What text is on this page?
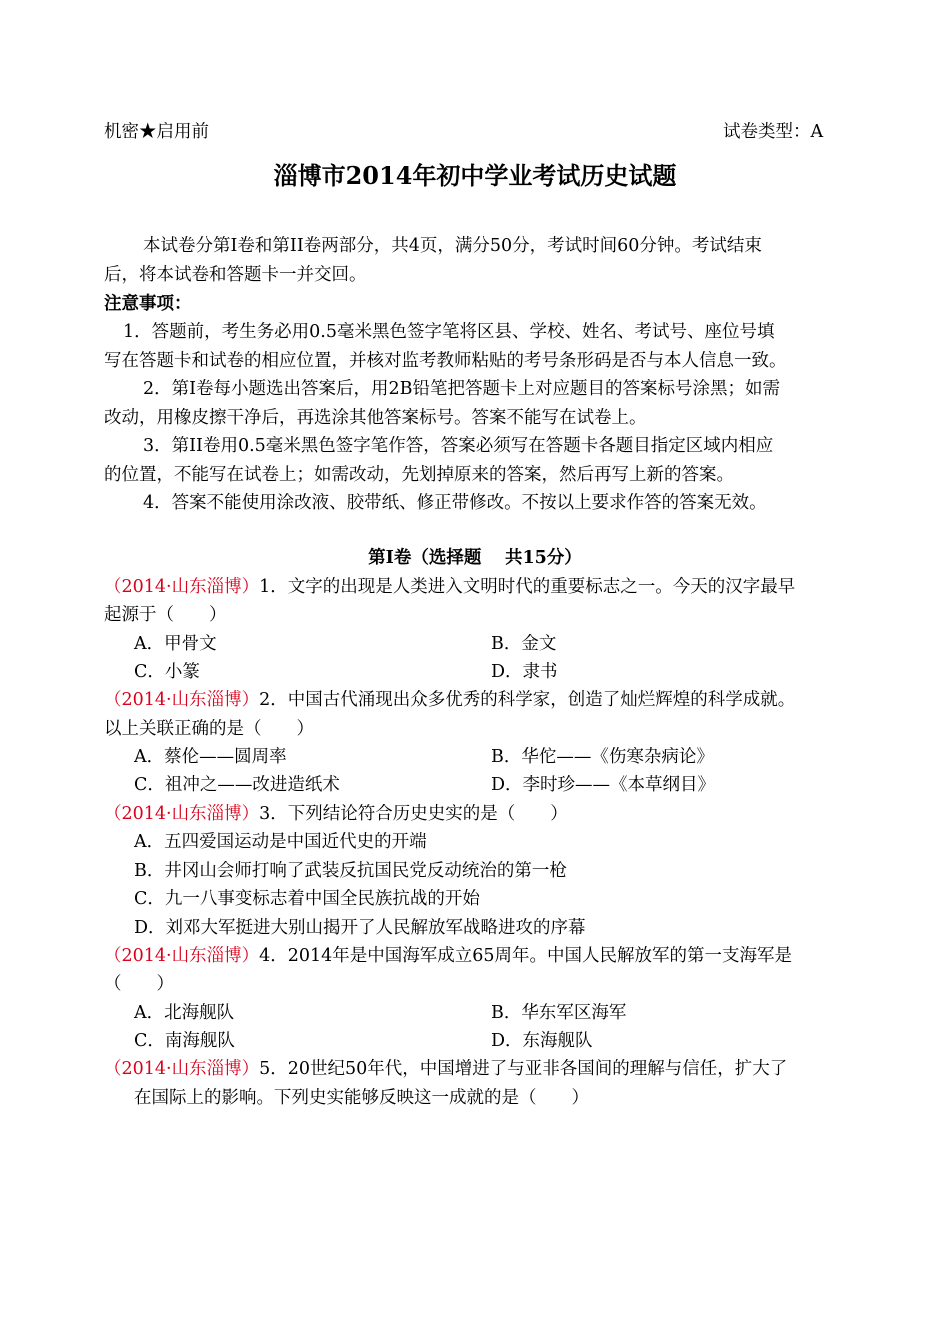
机密★启用前	试卷类型：A
淄博市2014年初中学业考试历史试题
本试卷分第I卷和第II卷两部分，共4页，满分50分，考试时间60分钟。考试结束
后，将本试卷和答题卡一并交回。
注意事项：
1．答题前，考生务必用0.5毫米黑色签字笔将区县、学校、姓名、考试号、座位号填
写在答题卡和试卷的相应位置，并核对监考教师粘贴的考号条形码是否与本人信息一致。
2．第I卷每小题选出答案后，用2B铅笔把答题卡上对应题目的答案标号涂黑；如需
改动，用橡皮擦干净后，再选涂其他答案标号。答案不能写在试卷上。
3．第II卷用0.5毫米黑色签字笔作答，答案必须写在答题卡各题目指定区域内相应
的位置，不能写在试卷上；如需改动，先划掉原来的答案，然后再写上新的答案。
4．答案不能使用涂改液、胶带纸、修正带修改。不按以上要求作答的答案无效。
第I卷（选择题　 共15分）
（2014·山东淄博）1．文字的出现是人类进入文明时代的重要标志之一。今天的汉字最早
起源于（　　）
A．甲骨文	B．金文
C．小篆	D．隶书
（2014·山东淄博）2．中国古代涌现出众多优秀的科学家，创造了灿烂辉煌的科学成就。
以上关联正确的是（　　）
A．蔡伦——圆周率	B．华佗——《伤寒杂病论》
C．祖冲之——改进造纸术	D．李时珍——《本草纲目》
（2014·山东淄博）3．下列结论符合历史史实的是（　　）
A．五四爱国运动是中国近代史的开端
B．井冈山会师打响了武装反抗国民党反动统治的第一枪
C．九一八事变标志着中国全民族抗战的开始
D．刘邓大军挺进大别山揭开了人民解放军战略进攻的序幕
（2014·山东淄博）4．2014年是中国海军成立65周年。中国人民解放军的第一支海军是
（　　）
A．北海舰队	B．华东军区海军
C．南海舰队	D．东海舰队
（2014·山东淄博）5．20世纪50年代，中国增进了与亚非各国间的理解与信任，扩大了
在国际上的影响。下列史实能够反映这一成就的是（　　）
